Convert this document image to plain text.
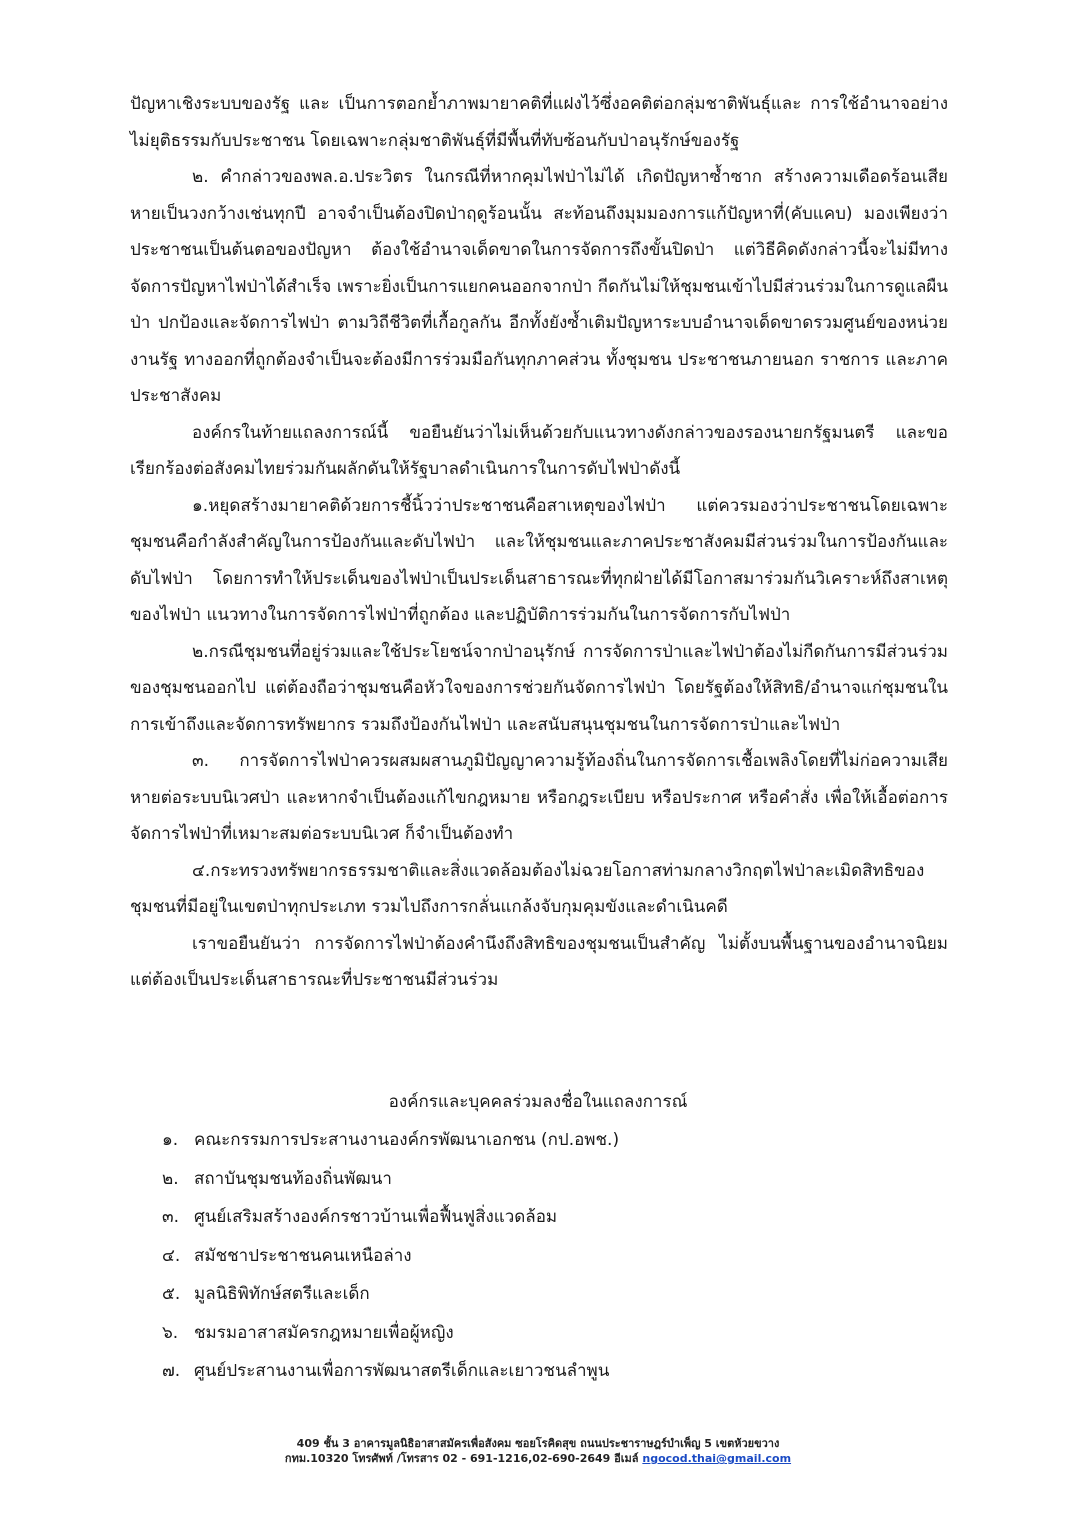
ปัญหาเชิงระบบของรัฐ และ เป็นการตอกย้ำภาพมายาคติที่แฝงไว้ซึ่งอคติต่อกลุ่มชาติพันธุ์และ การใช้อำนาจอย่างไม่ยุติธรรมกับประชาชน โดยเฉพาะกลุ่มชาติพันธุ์ที่มีพื้นที่ทับซ้อนกับป่าอนุรักษ์ของรัฐ

๒. คำกล่าวของพล.อ.ประวิตร ในกรณีที่หากคุมไฟป่าไม่ได้ เกิดปัญหาซ้ำซาก สร้างความเดือดร้อนเสียหายเป็นวงกว้างเช่นทุกปี อาจจำเป็นต้องปิดป่าฤดูร้อนนั้น สะท้อนถึงมุมมองการแก้ปัญหาที่(คับแคบ) มองเพียงว่าประชาชนเป็นต้นตอของปัญหา ต้องใช้อำนาจเด็ดขาดในการจัดการถึงขั้นปิดป่า แต่วิธีคิดดังกล่าวนี้จะไม่มีทางจัดการปัญหาไฟป่าได้สำเร็จ เพราะยิ่งเป็นการแยกคนออกจากป่า กีดกันไม่ให้ชุมชนเข้าไปมีส่วนร่วมในการดูแลผืนป่า ปกป้องและจัดการไฟป่า ตามวิถีชีวิตที่เกื้อกูลกัน อีกทั้งยังซ้ำเติมปัญหาระบบอำนาจเด็ดขาดรวมศูนย์ของหน่วยงานรัฐ ทางออกที่ถูกต้องจำเป็นจะต้องมีการร่วมมือกันทุกภาคส่วน ทั้งชุมชน ประชาชนภายนอก ราชการ และภาคประชาสังคม

องค์กรในท้ายแถลงการณ์นี้ ขอยืนยันว่าไม่เห็นด้วยกับแนวทางดังกล่าวของรองนายกรัฐมนตรี และขอเรียกร้องต่อสังคมไทยร่วมกันผลักดันให้รัฐบาลดำเนินการในการดับไฟป่าดังนี้

๑.หยุดสร้างมายาคติด้วยการชี้นิ้วว่าประชาชนคือสาเหตุของไฟป่า แต่ควรมองว่าประชาชนโดยเฉพาะชุมชนคือกำลังสำคัญในการป้องกันและดับไฟป่า และให้ชุมชนและภาคประชาสังคมมีส่วนร่วมในการป้องกันและดับไฟป่า โดยการทำให้ประเด็นของไฟป่าเป็นประเด็นสาธารณะที่ทุกฝ่ายได้มีโอกาสมาร่วมกันวิเคราะห์ถึงสาเหตุของไฟป่า แนวทางในการจัดการไฟป่าที่ถูกต้อง และปฏิบัติการร่วมกันในการจัดการกับไฟป่า

๒.กรณีชุมชนที่อยู่ร่วมและใช้ประโยชน์จากป่าอนุรักษ์ การจัดการป่าและไฟป่าต้องไม่กีดกันการมีส่วนร่วมของชุมชนออกไป แต่ต้องถือว่าชุมชนคือหัวใจของการช่วยกันจัดการไฟป่า โดยรัฐต้องให้สิทธิ/อำนาจแก่ชุมชนในการเข้าถึงและจัดการทรัพยากร รวมถึงป้องกันไฟป่า และสนับสนุนชุมชนในการจัดการป่าและไฟป่า

๓. การจัดการไฟป่าควรผสมผสานภูมิปัญญาความรู้ท้องถิ่นในการจัดการเชื้อเพลิงโดยที่ไม่ก่อความเสียหายต่อระบบนิเวศป่า และหากจำเป็นต้องแก้ไขกฎหมาย หรือกฎระเบียบ หรือประกาศ หรือคำสั่ง เพื่อให้เอื้อต่อการจัดการไฟป่าที่เหมาะสมต่อระบบนิเวศ ก็จำเป็นต้องทำ

๔.กระทรวงทรัพยากรธรรมชาติและสิ่งแวดล้อมต้องไม่ฉวยโอกาสท่ามกลางวิกฤตไฟป่าละเมิดสิทธิของชุมชนที่มีอยู่ในเขตป่าทุกประเภท รวมไปถึงการกลั่นแกล้งจับกุมคุมขังและดำเนินคดี

เราขอยืนยันว่า การจัดการไฟป่าต้องคำนึงถึงสิทธิของชุมชนเป็นสำคัญ ไม่ตั้งบนพื้นฐานของอำนาจนิยม แต่ต้องเป็นประเด็นสาธารณะที่ประชาชนมีส่วนร่วม

องค์กรและบุคคลร่วมลงชื่อในแถลงการณ์
๑. คณะกรรมการประสานงานองค์กรพัฒนาเอกชน (กป.อพช.)
๒. สถาบันชุมชนท้องถิ่นพัฒนา
๓. ศูนย์เสริมสร้างองค์กรชาวบ้านเพื่อฟื้นฟูสิ่งแวดล้อม
๔. สมัชชาประชาชนคนเหนือล่าง
๕. มูลนิธิพิทักษ์สตรีและเด็ก
๖. ชมรมอาสาสมัครกฎหมายเพื่อผู้หญิง
๗. ศูนย์ประสานงานเพื่อการพัฒนาสตรีเด็กและเยาวชนลำพูน
409 ชั้น 3 อาคารมูลนิธิอาสาสมัครเพื่อสังคม ซอยโรคิดสุข ถนนประชาราษฎร์บำเพ็ญ 5 เขตห้วยขวาง
กทม.10320 โทรศัพท์ /โทรสาร 02 - 691-1216,02-690-2649 อีเมล์ ngocod.thai@gmail.com
